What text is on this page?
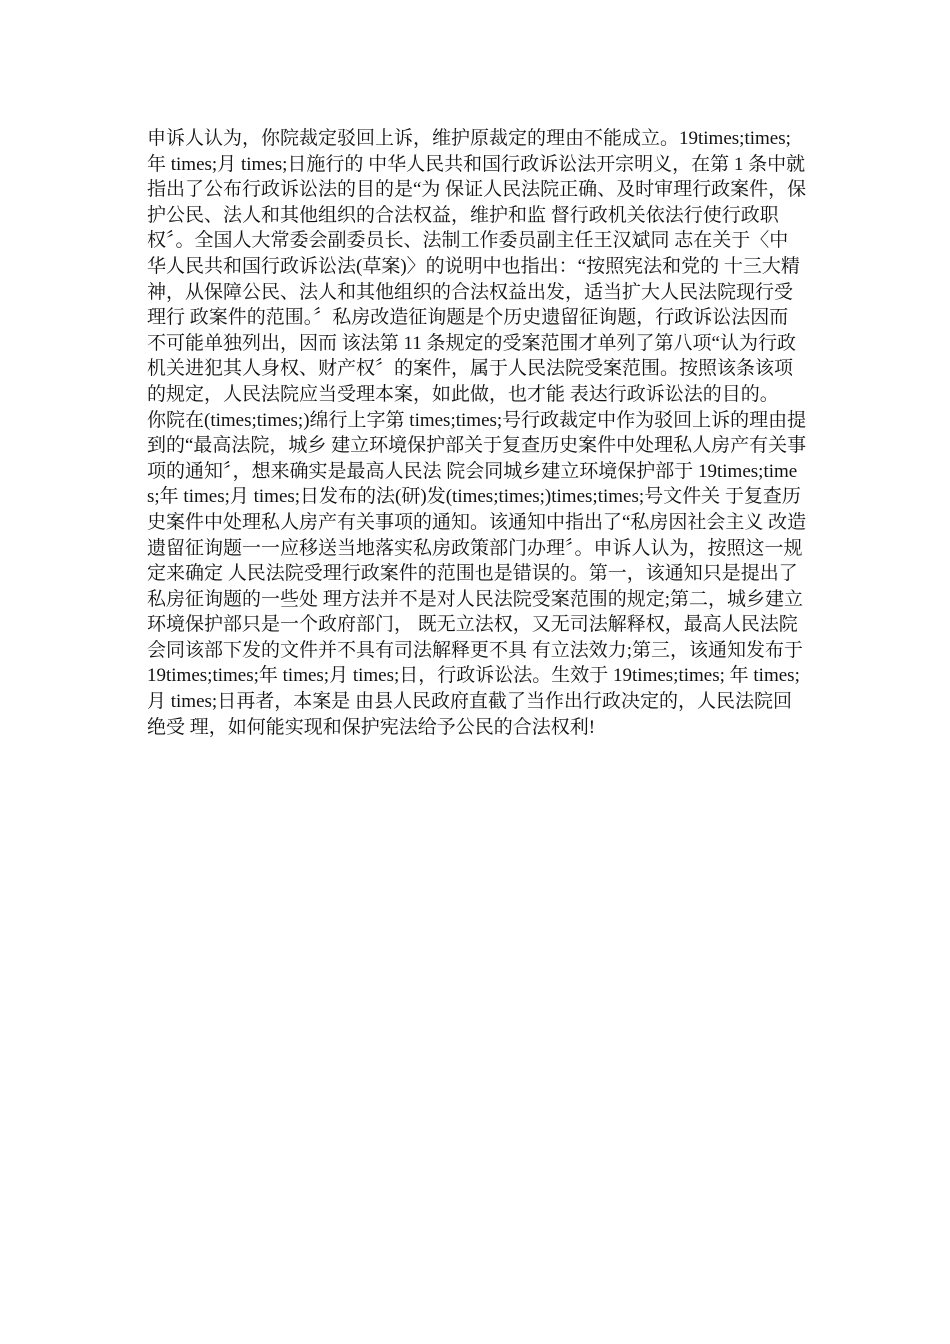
申诉人认为，你院裁定驳回上诉，维护原裁定的理由不能成立。19times;times;年 times;月 times;日施行的 中华人民共和国行政诉讼法开宗明义，在第 1 条中就指出了公布行政诉讼法的目的是“为 保证人民法院正确、及时审理行政案件，保护公民、法人和其他组织的合法权益，维护和监 督行政机关依法行使行政职权〞。全国人大常委会副委员长、法制工作委员副主任王汉斌同 志在关于〈中华人民共和国行政诉讼法(草案)〉的说明中也指出：“按照宪法和党的 十三大精神，从保障公民、法人和其他组织的合法权益出发，适当扩大人民法院现行受理行 政案件的范围。〞私房改造征询题是个历史遗留征询题，行政诉讼法因而不可能单独列出，因而 该法第 11 条规定的受案范围才单列了第八项“认为行政机关进犯其人身权、财产权〞的案件，属于人民法院受案范围。按照该条该项的规定，人民法院应当受理本案，如此做，也才能 表达行政诉讼法的目的。

你院在(times;times;)绵行上字第 times;times;号行政裁定中作为驳回上诉的理由提到的“最高法院，城乡 建立环境保护部关于复查历史案件中处理私人房产有关事项的通知〞，想来确实是最高人民法 院会同城乡建立环境保护部于 19times;times;年 times;月 times;日发布的法(研)发(times;times;)times;times;号文件关 于复查历史案件中处理私人房产有关事项的通知。该通知中指出了“私房因社会主义 改造遗留征询题一一应移送当地落实私房政策部门办理〞。申诉人认为，按照这一规定来确定 人民法院受理行政案件的范围也是错误的。第一，该通知只是提出了私房征询题的一些处 理方法并不是对人民法院受案范围的规定;第二，城乡建立环境保护部只是一个政府部门， 既无立法权，又无司法解释权，最高人民法院会同该部下发的文件并不具有司法解释更不具 有立法效力;第三，该通知发布于 19times;times;年 times;月 times;日，行政诉讼法。生效于 19times;times; 年 times;月 times;日再者，本案是 由县人民政府直截了当作出行政决定的，人民法院回绝受 理，如何能实现和保护宪法给予公民的合法权利!
